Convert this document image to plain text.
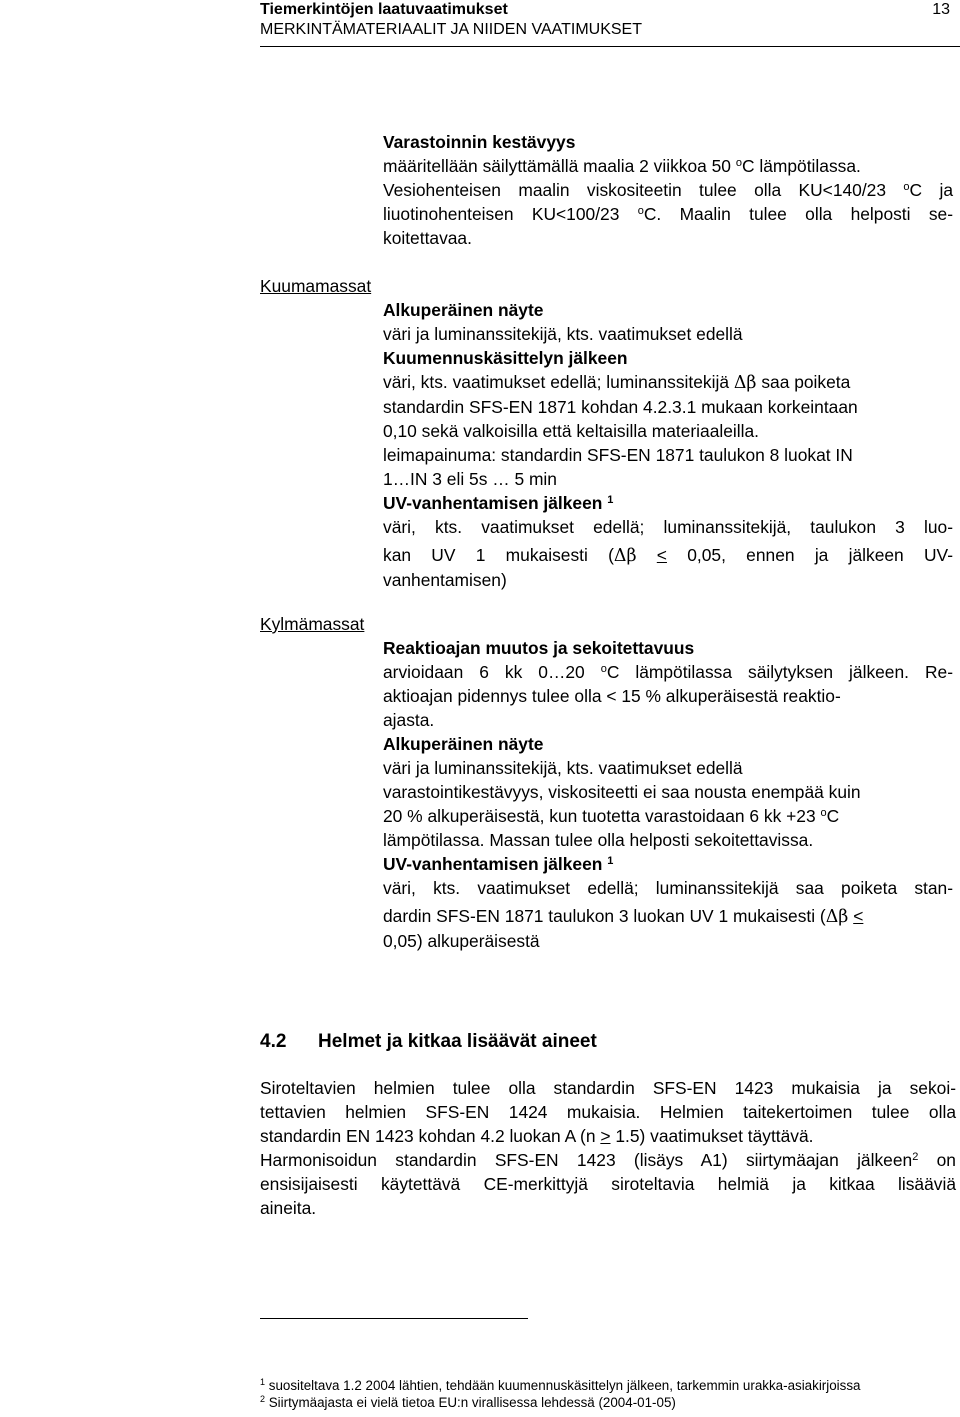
Tiemerkintöjen laatuvaatimukset
MERKINTÄMATERIAALIT JA NIIDEN VAATIMUKSET
13
Varastoinnin kestävyys
määritellään säilyttämällä maalia 2 viikkoa 50 $^o$C lämpötilassa.
Vesiohenteisen maalin viskositeetin tulee olla KU<140/23 $^o$C ja
liuotinohenteisen KU<100/23 $^o$C. Maalin tulee olla helposti se-
koitettavaa.
Kuumamassat
Alkuperäinen näyte
väri ja luminanssitekijä, kts. vaatimukset edellä
Kuumennuskäsittelyn jälkeen
väri, kts. vaatimukset edellä; luminanssitekijä Δβ saa poiketa
standardin SFS-EN 1871 kohdan 4.2.3.1 mukaan korkeintaan
0,10 sekä valkoisilla että keltaisilla materiaaleilla.
leimapainuma: standardin SFS-EN 1871 taulukon 8 luokat IN
1…IN 3 eli 5s … 5 min
UV-vanhentamisen jälkeen $^1$
väri, kts. vaatimukset edellä; luminanssitekijä, taulukon 3 luo-
kan UV 1 mukaisesti (Δβ < 0,05, ennen ja jälkeen UV-
vanhentamisen)
Kylmämassat
Reaktioajan muutos ja sekoitettavuus
arvioidaan 6 kk 0…20 $^o$C lämpötilassa säilytyksen jälkeen. Re-
aktioajan pidennys tulee olla < 15 % alkuperäisestä reaktio-
ajasta.
Alkuperäinen näyte
väri ja luminanssitekijä, kts. vaatimukset edellä
varastointikestävyys, viskositeetti ei saa nousta enempää kuin
20 % alkuperäisestä, kun tuotetta varastoidaan 6 kk +23 $^o$C
lämpötilassa. Massan tulee olla helposti sekoitettavissa.
UV-vanhentamisen jälkeen $^1$
väri, kts. vaatimukset edellä; luminanssitekijä saa poiketa stan-
dardin SFS-EN 1871 taulukon 3 luokan UV 1 mukaisesti (Δβ <
0,05) alkuperäisestä
4.2 Helmet ja kitkaa lisäävät aineet
Siroteltavien helmien tulee olla standardin SFS-EN 1423 mukaisia ja sekoi-
tettavien helmien SFS-EN 1424 mukaisia. Helmien taitekertoimen tulee olla
standardin EN 1423 kohdan 4.2 luokan A (n > 1.5) vaatimukset täyttävä.
Harmonisoidun standardin SFS-EN 1423 (lisäys A1) siirtymäajan jälkeen$^2$ on
ensisijaisesti käytettävä CE-merkittyjä siroteltavia helmiä ja kitkaa lisääviä
aineita.
$^1$ suositeltava 1.2 2004 lähtien, tehdään kuumennuskäsittelyn jälkeen, tarkemmin urakka-asiakirjoissa
$^2$ Siirtymäajasta ei vielä tietoa EU:n virallisessa lehdessä (2004-01-05)
